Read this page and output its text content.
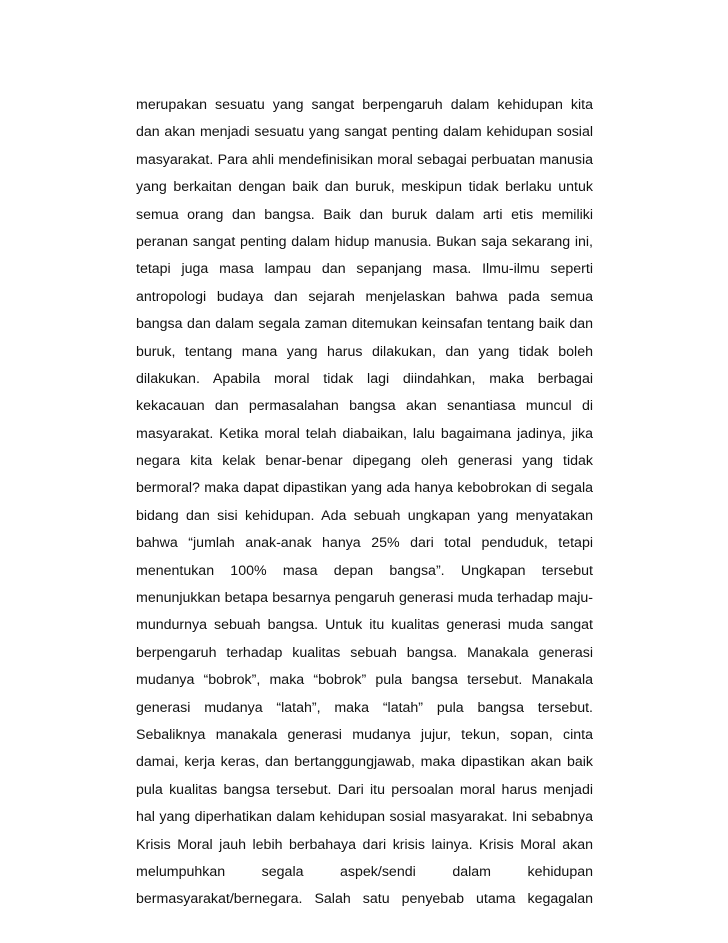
merupakan sesuatu yang sangat berpengaruh dalam kehidupan kita
dan akan menjadi sesuatu yang sangat penting dalam kehidupan sosial
masyarakat. Para ahli mendefinisikan moral sebagai perbuatan manusia
yang berkaitan dengan baik dan buruk, meskipun tidak berlaku untuk
semua orang dan bangsa. Baik dan buruk dalam arti etis memiliki
peranan sangat penting dalam hidup manusia. Bukan saja sekarang ini,
tetapi juga masa lampau dan sepanjang masa. Ilmu-ilmu seperti
antropologi budaya dan sejarah menjelaskan bahwa pada semua
bangsa dan dalam segala zaman ditemukan keinsafan tentang baik dan
buruk, tentang mana yang harus dilakukan, dan yang tidak boleh
dilakukan. Apabila moral tidak lagi diindahkan, maka berbagai
kekacauan dan permasalahan bangsa akan senantiasa muncul di
masyarakat. Ketika moral telah diabaikan, lalu bagaimana jadinya, jika
negara kita kelak benar-benar dipegang oleh generasi yang tidak
bermoral? maka dapat dipastikan yang ada hanya kebobrokan di segala
bidang dan sisi kehidupan. Ada sebuah ungkapan yang menyatakan
bahwa “jumlah anak-anak hanya 25% dari total penduduk, tetapi
menentukan 100% masa depan bangsa”. Ungkapan tersebut
menunjukkan betapa besarnya pengaruh generasi muda terhadap maju-
mundurnya sebuah bangsa. Untuk itu kualitas generasi muda sangat
berpengaruh terhadap kualitas sebuah bangsa. Manakala generasi
mudanya “bobrok”, maka “bobrok” pula bangsa tersebut. Manakala
generasi mudanya “latah”, maka “latah” pula bangsa tersebut.
Sebaliknya manakala generasi mudanya jujur, tekun, sopan, cinta
damai, kerja keras, dan bertanggungjawab, maka dipastikan akan baik
pula kualitas bangsa tersebut. Dari itu persoalan moral harus menjadi
hal yang diperhatikan dalam kehidupan sosial masyarakat. Ini sebabnya
Krisis Moral jauh lebih berbahaya dari krisis lainya. Krisis Moral akan
melumpuhkan segala aspek/sendi dalam kehidupan
bermasyarakat/bernegara. Salah satu penyebab utama kegagalan
